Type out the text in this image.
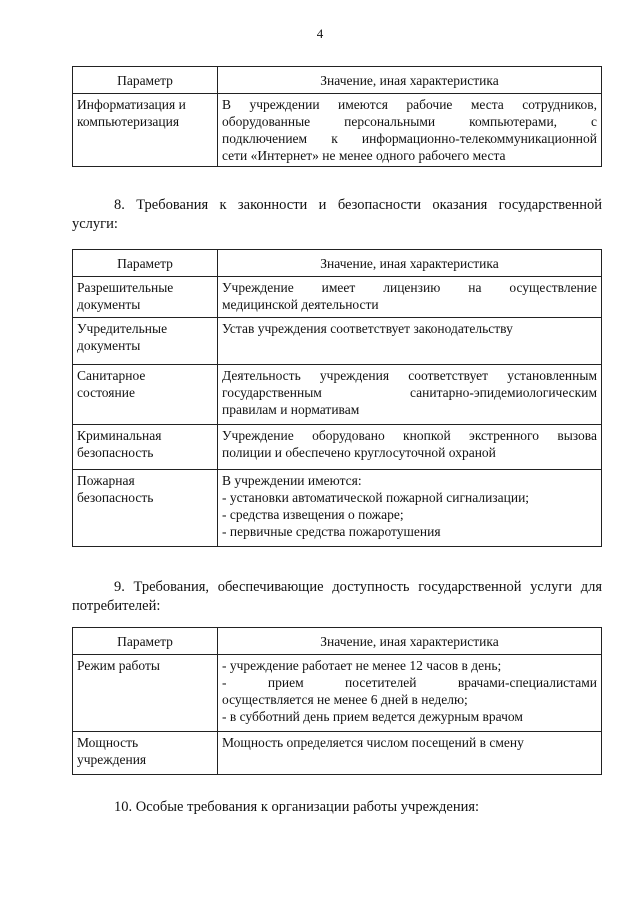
4
Параметр	Значение, иная характеристика

Информатизация и
компьютеризация	В учреждении имеются рабочие места сотрудников,
оборудованные персональными компьютерами, с
подключением к информационно-телекоммуникационной
сети «Интернет» не менее одного рабочего места
8. Требования к законности и безопасности оказания государственной
услуги:
Параметр	Значение, иная характеристика

Разрешительные
документы	Учреждение имеет лицензию на осуществление
медицинской деятельности

Учредительные
документы	Устав учреждения соответствует законодательству

Санитарное
состояние	Деятельность учреждения соответствует установленным
государственным санитарно-эпидемиологическим
правилам и нормативам

Криминальная
безопасность	Учреждение оборудовано кнопкой экстренного вызова
полиции и обеспечено круглосуточной охраной

Пожарная
безопасность	В учреждении имеются:
- установки автоматической пожарной сигнализации;
- средства извещения о пожаре;
- первичные средства пожаротушения
9. Требования, обеспечивающие доступность государственной услуги для
потребителей:
Параметр	Значение, иная характеристика

Режим работы	- учреждение работает не менее 12 часов в день;
- прием посетителей врачами-специалистами
осуществляется не менее 6 дней в неделю;
- в субботний день прием ведется дежурным врачом

Мощность
учреждения	Мощность определяется числом посещений в смену
10. Особые требования к организации работы учреждения:
